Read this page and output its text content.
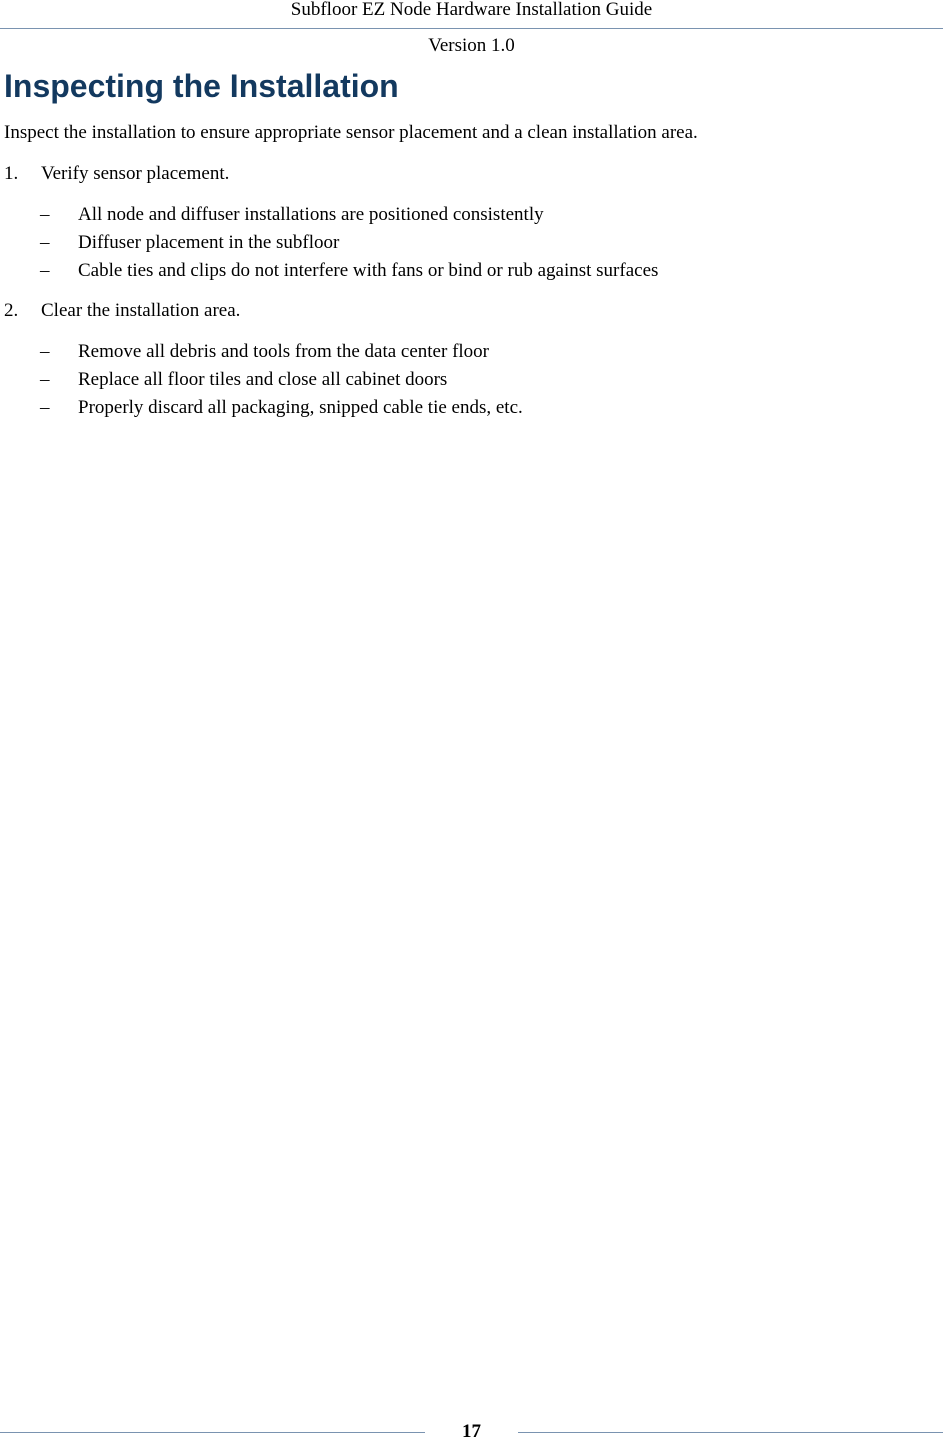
Subfloor EZ Node Hardware Installation Guide
Version 1.0
Inspecting the Installation

Inspect the installation to ensure appropriate sensor placement and a clean installation area.

1. Verify sensor placement.
– All node and diffuser installations are positioned consistently
– Diffuser placement in the subfloor
– Cable ties and clips do not interfere with fans or bind or rub against surfaces
2. Clear the installation area.
– Remove all debris and tools from the data center floor
– Replace all floor tiles and close all cabinet doors
– Properly discard all packaging, snipped cable tie ends, etc.
17
